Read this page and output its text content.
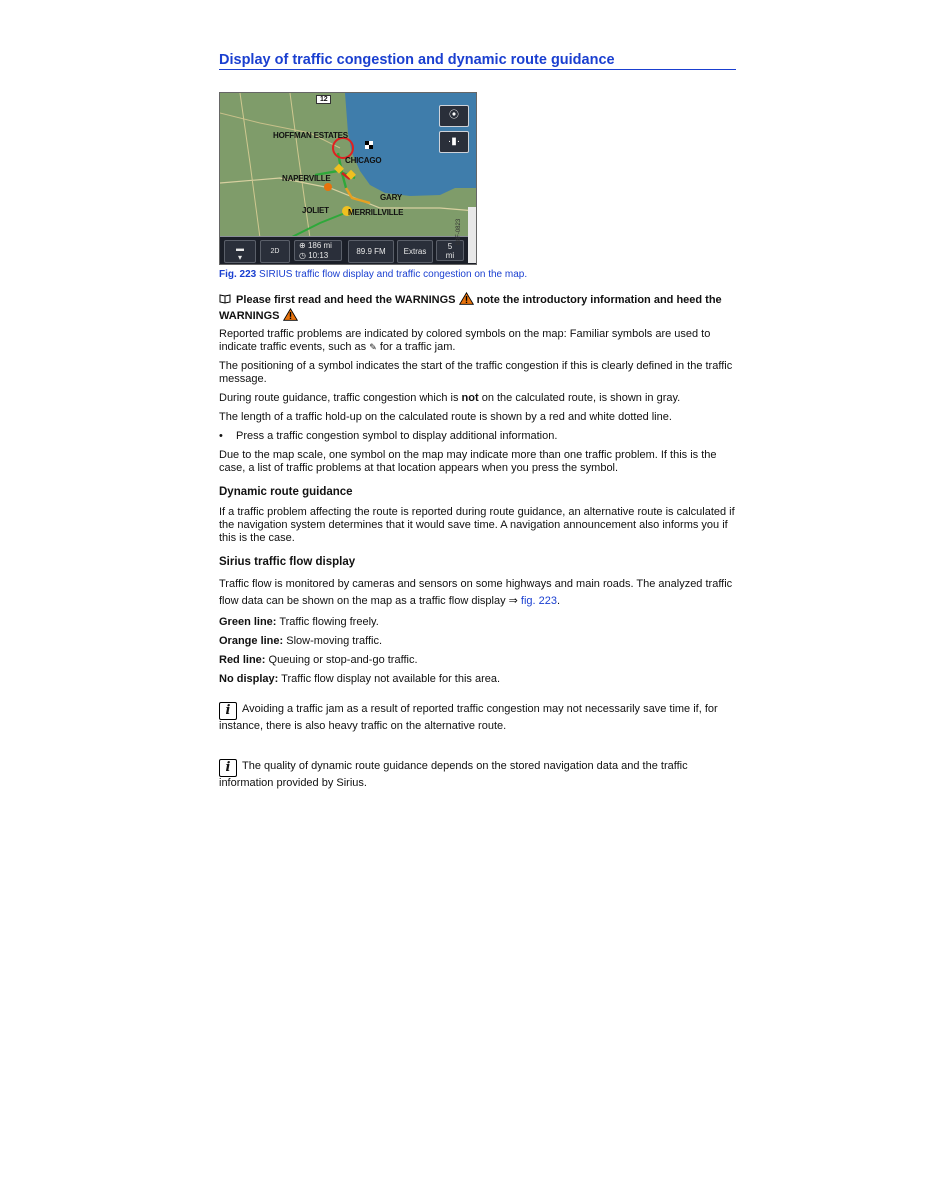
Display of traffic congestion and dynamic route guidance
12
HOFFMAN ESTATES
CHICAGO
NAPERVILLE
GARY
JOLIET MERRILLVILLE
⦿
·▮·
▬
▾
2D
⊕ 186 mi
◷ 10:13	89.9 FM	Extras
5
mi
B8F-0823
Fig. 223 SIRIUS traffic flow display and traffic congestion on the map.
Please first read and heed the WARNINGS  note the introductory information and heed the WARNINGS

Reported traffic problems are indicated by colored symbols on the map: Familiar symbols are used to indicate traffic events, such as ✎ for a traffic jam.

The positioning of a symbol indicates the start of the traffic congestion if this is clearly defined in the traffic message.

During route guidance, traffic congestion which is not on the calculated route, is shown in gray.

The length of a traffic hold-up on the calculated route is shown by a red and white dotted line.

• Press a traffic congestion symbol to display additional information.

Due to the map scale, one symbol on the map may indicate more than one traffic problem. If this is the case, a list of traffic problems at that location appears when you press the symbol.

Dynamic route guidance

If a traffic problem affecting the route is reported during route guidance, an alternative route is calculated if the navigation system determines that it would save time. A navigation announcement also informs you if this is the case.

Sirius traffic flow display

Traffic flow is monitored by cameras and sensors on some highways and main roads. The analyzed traffic flow data can be shown on the map as a traffic flow display ⇒ fig. 223.

Green line: Traffic flowing freely.

Orange line: Slow-moving traffic.

Red line: Queuing or stop-and-go traffic.

No display: Traffic flow display not available for this area.

i Avoiding a traffic jam as a result of reported traffic congestion may not necessarily save time if, for instance, there is also heavy traffic on the alternative route.
i The quality of dynamic route guidance depends on the stored navigation data and the traffic information provided by Sirius.
